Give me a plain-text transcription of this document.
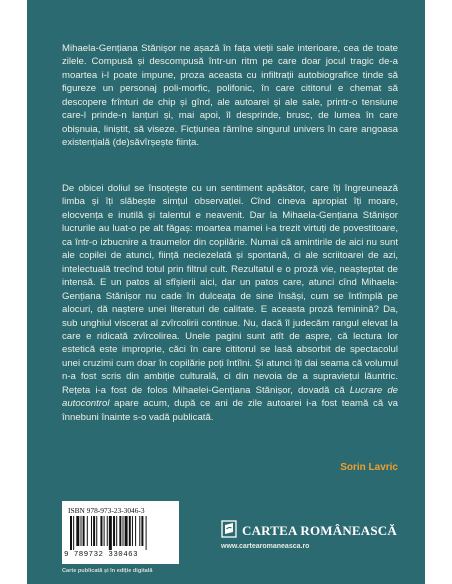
Mihaela-Gențiana Stănișor ne așază în fața vieții sale interioare, cea de toate zilele. Compusă și descompusă într-un ritm pe care doar jocul tragic de-a moartea i-l poate impune, proza aceasta cu infiltrații autobiografice tinde să figureze un personaj poli-morfic, polifonic, în care cititorul e chemat să descopere frînturi de chip și gînd, ale autoarei și ale sale, printr-o tensiune care-l prinde-n lanțuri și, mai apoi, îl desprinde, brusc, de lumea în care obișnuia, liniștit, să viseze. Ficțiunea rămîne singurul univers în care angoasa existențială (de)săvîrșește ființa.

De obicei doliul se însoțește cu un sentiment apăsător, care îți îngreunează limba și îți slăbește simțul observației. Cînd cineva apropiat îți moare, elocvența e inutilă și talentul e neavenit. Dar la Mihaela-Gențiana Stănișor lucrurile au luat-o pe alt făgaș: moartea mamei i-a trezit virtuți de povestitoare, ca într-o izbucnire a traumelor din copilărie. Numai că amintirile de aici nu sunt ale copilei de atunci, ființă neciezelată și spontană, ci ale scriitoarei de azi, intelectuală trecînd totul prin filtrul cult. Rezultatul e o proză vie, neașteptat de intensă. E un patos al sfîșierii aici, dar un patos care, atunci cînd Mihaela-Gențiana Stănișor nu cade în dulceața de sine însăși, cum se întîmplă pe alocuri, dă naștere unei literaturi de calitate. E aceasta proză feminină? Da, sub unghiul viscerat al zvîrcolirii continue. Nu, dacă îl judecăm rangul elevat la care e ridicată zvîrcolirea. Unele pagini sunt atît de aspre, că lectura lor estetică este improprie, căci în care cititorul se lasă absorbit de spectacolul unei cruzimi cum doar în copilărie poți întîlni. Și atunci îți dai seama că volumul n-a fost scris din ambiție culturală, ci din nevoia de a supraviețui lăuntric. Rețeta i-a fost de folos Mihaelei-Gențiana Stănișor, dovadă că Lucrare de autocontrol apare acum, după ce ani de zile autoarei i-a fost teamă că va înnebuni înainte s-o vadă publicată.

Sorin Lavric
ISBN 978-973-23-3046-3
9 789732 330463
Carte publicată și în ediție digitală
CARTEA ROMÂNEASCĂ
www.cartearomaneasca.ro
